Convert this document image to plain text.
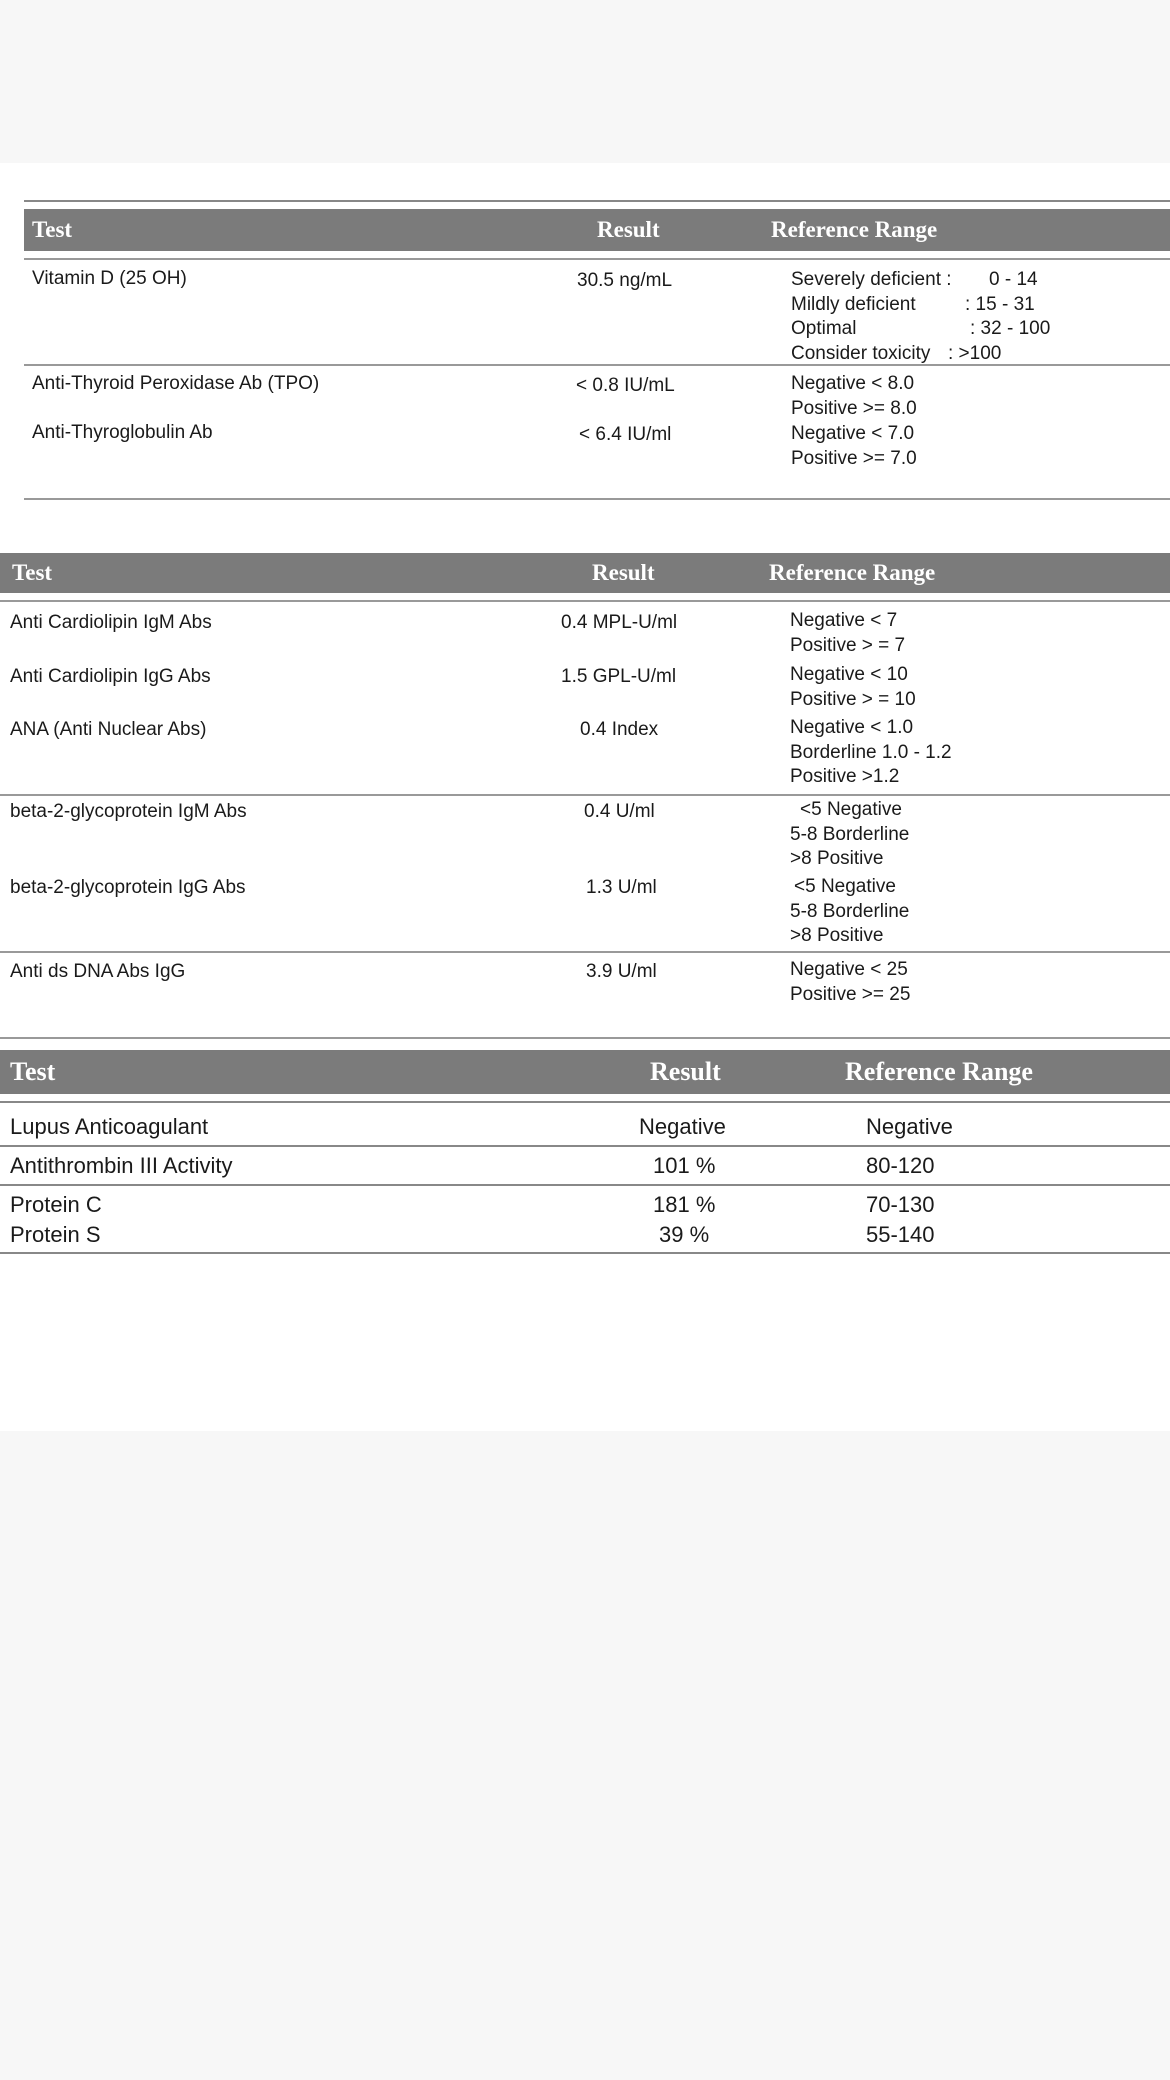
Test	Result	Reference Range
Vitamin D (25 OH)	30.5 ng/mL	Severely deficient : 0 - 14
Mildly deficient	: 15 - 31
Optimal	: 32 - 100
Consider toxicity : >100
Anti-Thyroid Peroxidase Ab (TPO)	< 0.8 IU/mL	Negative < 8.0
Positive >= 8.0
Anti-Thyroglobulin Ab	< 6.4 IU/ml	Negative < 7.0
Positive >= 7.0
Test	Result	Reference Range
Anti Cardiolipin IgM Abs	0.4 MPL-U/ml	Negative < 7
Positive > = 7
Anti Cardiolipin IgG Abs	1.5 GPL-U/ml	Negative < 10
Positive > = 10
ANA (Anti Nuclear Abs)	0.4 Index	Negative < 1.0
Borderline 1.0 - 1.2
Positive >1.2
beta-2-glycoprotein IgM Abs	0.4 U/ml	<5 Negative
5-8 Borderline
>8 Positive
beta-2-glycoprotein IgG Abs	1.3 U/ml	<5 Negative
5-8 Borderline
>8 Positive
Anti ds DNA Abs IgG	3.9 U/ml	Negative < 25
Positive >= 25
Test	Result	Reference Range
Lupus Anticoagulant	Negative	Negative
Antithrombin III Activity	101 %	80-120
Protein C	181 %	70-130
Protein S	39 %	55-140
